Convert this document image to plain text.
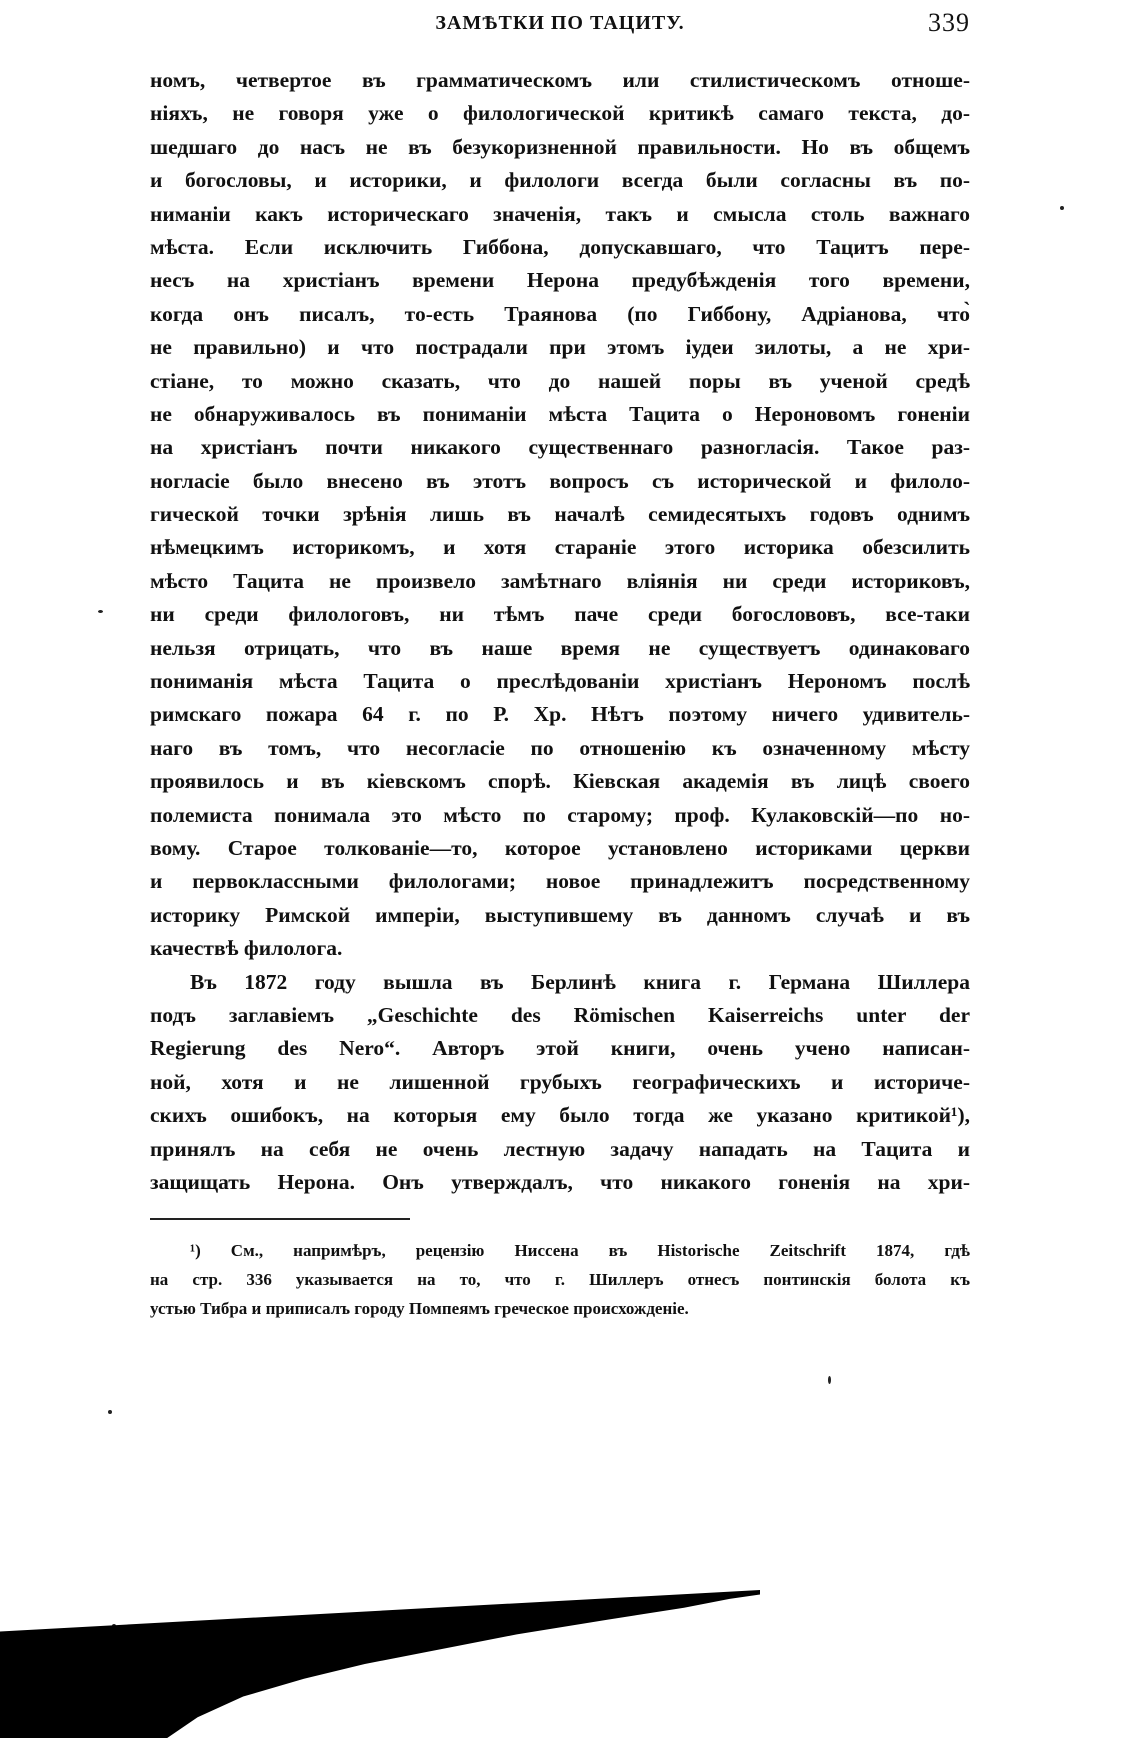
ЗАМѢТКИ ПО ТАЦИТУ.	339
номъ, четвертое въ грамматическомъ или стилистическомъ отноше-
ніяхъ, не говоря уже о филологической критикѣ самаго текста, до-
шедшаго до насъ не въ безукоризненной правильности. Но въ общемъ
и богословы, и историки, и филологи всегда были согласны въ по-
ниманіи какъ историческаго значенія, такъ и смысла столь важнаго
мѣста. Если исключить Гиббона, допускавшаго, что Тацитъ пере-
несъ на христіанъ времени Нерона предубѣжденія того времени,
когда онъ писалъ, то-есть Траянова (по Гиббону, Адріанова, что̀
не правильно) и что пострадали при этомъ іудеи зилоты, а не хри-
стіане, то можно сказать, что до нашей поры въ ученой средѣ
не обнаруживалось въ пониманіи мѣста Тацита о Нероновомъ гоненіи
на христіанъ почти никакого существеннаго разногласія. Такое раз-
ногласіе было внесено въ этотъ вопросъ съ исторической и филоло-
гической точки зрѣнія лишь въ началѣ семидесятыхъ годовъ однимъ
нѣмецкимъ историкомъ, и хотя стараніе этого историка обезсилить
мѣсто Тацита не произвело замѣтнаго вліянія ни среди историковъ,
ни среди филологовъ, ни тѣмъ паче среди богослововъ, все-таки
нельзя отрицать, что въ наше время не существуетъ одинаковаго
пониманія мѣста Тацита о преслѣдованіи христіанъ Нерономъ послѣ
римскаго пожара 64 г. по Р. Хр. Нѣтъ поэтому ничего удивитель-
наго въ томъ, что несогласіе по отношенію къ означенному мѣсту
проявилось и въ кіевскомъ спорѣ. Кіевская академія въ лицѣ своего
полемиста понимала это мѣсто по старому; проф. Кулаковскій—по но-
вому. Старое толкованіе—то, которое установлено историками церкви
и первоклассными филологами; новое принадлежитъ посредственному
историку Римской имперіи, выступившему въ данномъ случаѣ и въ
качествѣ филолога.
Въ 1872 году вышла въ Берлинѣ книга г. Германа Шиллера
подъ заглавіемъ „Geschichte des Römischen Kaiserreichs unter der
Regierung des Nero“. Авторъ этой книги, очень учено написан-
ной, хотя и не лишенной грубыхъ географическихъ и историче-
скихъ ошибокъ, на которыя ему было тогда же указано критикой¹),
принялъ на себя не очень лестную задачу нападать на Тацита и
защищать Нерона. Онъ утверждалъ, что никакого гоненія на хри-
¹) См., напримѣръ, рецензію Ниссена въ Historische Zeitschrift 1874, гдѣ
на стр. 336 указывается на то, что г. Шиллеръ отнесъ понтинскія болота къ
устью Тибра и приписалъ городу Помпеямъ греческое происхожденіе.
